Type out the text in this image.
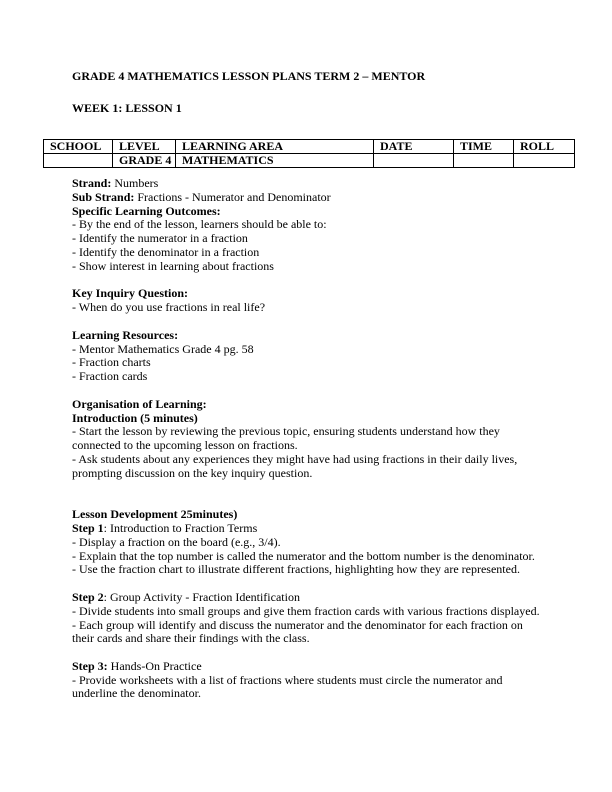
GRADE 4 MATHEMATICS LESSON PLANS TERM 2 – MENTOR
WEEK 1: LESSON 1
SCHOOL	LEVEL	LEARNING AREA	DATE	TIME	ROLL
	GRADE 4	MATHEMATICS			
Strand: Numbers
Sub Strand: Fractions - Numerator and Denominator
Specific Learning Outcomes:
- By the end of the lesson, learners should be able to:
- Identify the numerator in a fraction
- Identify the denominator in a fraction
- Show interest in learning about fractions
Key Inquiry Question:
- When do you use fractions in real life?
Learning Resources:
- Mentor Mathematics Grade 4 pg. 58
- Fraction charts
- Fraction cards
Organisation of Learning:
Introduction (5 minutes)
- Start the lesson by reviewing the previous topic, ensuring students understand how they
connected to the upcoming lesson on fractions.
- Ask students about any experiences they might have had using fractions in their daily lives,
prompting discussion on the key inquiry question.
Lesson Development 25minutes)
Step 1: Introduction to Fraction Terms
- Display a fraction on the board (e.g., 3/4).
- Explain that the top number is called the numerator and the bottom number is the denominator.
- Use the fraction chart to illustrate different fractions, highlighting how they are represented.
Step 2: Group Activity - Fraction Identification
- Divide students into small groups and give them fraction cards with various fractions displayed.
- Each group will identify and discuss the numerator and the denominator for each fraction on
their cards and share their findings with the class.
Step 3: Hands-On Practice
- Provide worksheets with a list of fractions where students must circle the numerator and
underline the denominator.
